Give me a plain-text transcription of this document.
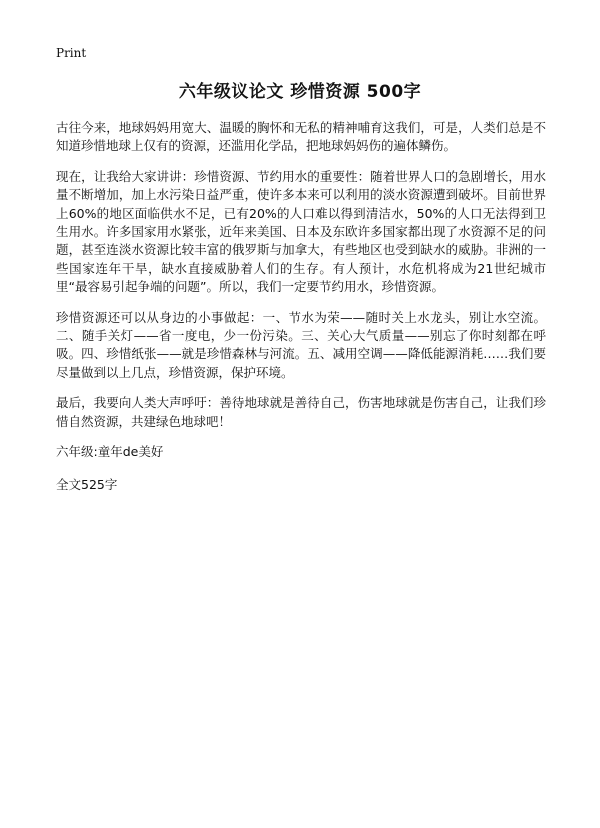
Print
六年级议论文 珍惜资源 500字

古往今来，地球妈妈用宽大、温暖的胸怀和无私的精神哺育这我们，可是，人类们总是不知道珍惜地球上仅有的资源，还滥用化学品，把地球妈妈伤的遍体鳞伤。

现在，让我给大家讲讲：珍惜资源、节约用水的重要性：随着世界人口的急剧增长，用水量不断增加，加上水污染日益严重，使许多本来可以利用的淡水资源遭到破坏。目前世界上60%的地区面临供水不足，已有20%的人口难以得到清洁水，50%的人口无法得到卫生用水。许多国家用水紧张，近年来美国、日本及东欧许多国家都出现了水资源不足的问题，甚至连淡水资源比较丰富的俄罗斯与加拿大，有些地区也受到缺水的威胁。非洲的一些国家连年干旱，缺水直接威胁着人们的生存。有人预计，水危机将成为21世纪城市里“最容易引起争端的问题”。所以，我们一定要节约用水，珍惜资源。

珍惜资源还可以从身边的小事做起：一、节水为荣——随时关上水龙头，别让水空流。二、随手关灯——省一度电，少一份污染。三、关心大气质量——别忘了你时刻都在呼吸。四、珍惜纸张——就是珍惜森林与河流。五、减用空调——降低能源消耗……我们要尽量做到以上几点，珍惜资源，保护环境。

最后，我要向人类大声呼吁：善待地球就是善待自己，伤害地球就是伤害自己，让我们珍惜自然资源，共建绿色地球吧！

六年级:童年de美好

全文525字
